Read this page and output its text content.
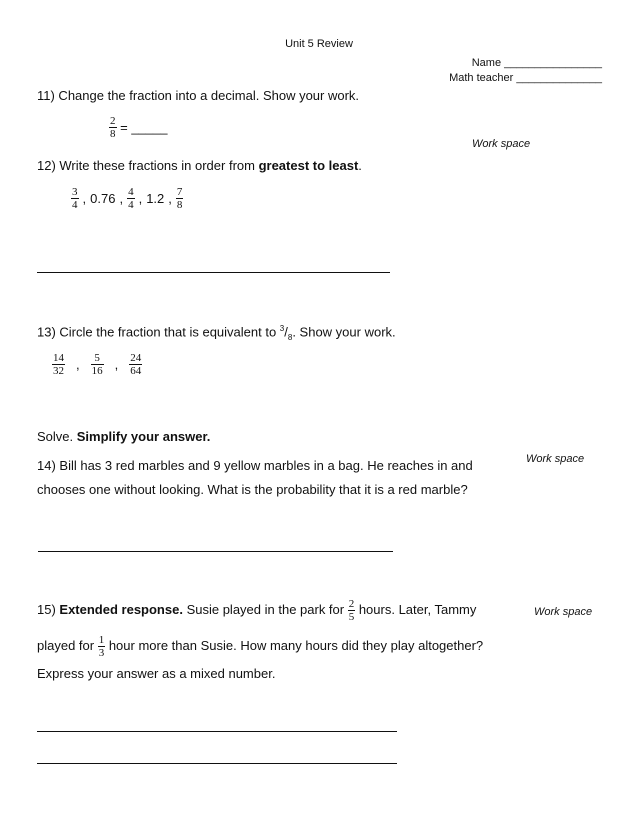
Unit 5 Review
Name ________________
Math teacher ______________
11) Change the fraction into a decimal. Show your work.
$\frac{2}{8}$ = _____
Work space
12) Write these fractions in order from greatest to least.
$\frac{3}{4}$ , 0.76 , $\frac{4}{4}$ , 1.2 , $\frac{7}{8}$
13) Circle the fraction that is equivalent to $^3/_8$. Show your work.
$\frac{14}{32}$ , $\frac{5}{16}$ , $\frac{24}{64}$
Solve. Simplify your answer.
14) Bill has 3 red marbles and 9 yellow marbles in a bag. He reaches in and
chooses one without looking. What is the probability that it is a red marble?
Work space
15) Extended response. Susie played in the park for $\frac{2}{5}$ hours. Later, Tammy
played for $\frac{1}{3}$ hour more than Susie. How many hours did they play altogether?
Express your answer as a mixed number.
Work space
